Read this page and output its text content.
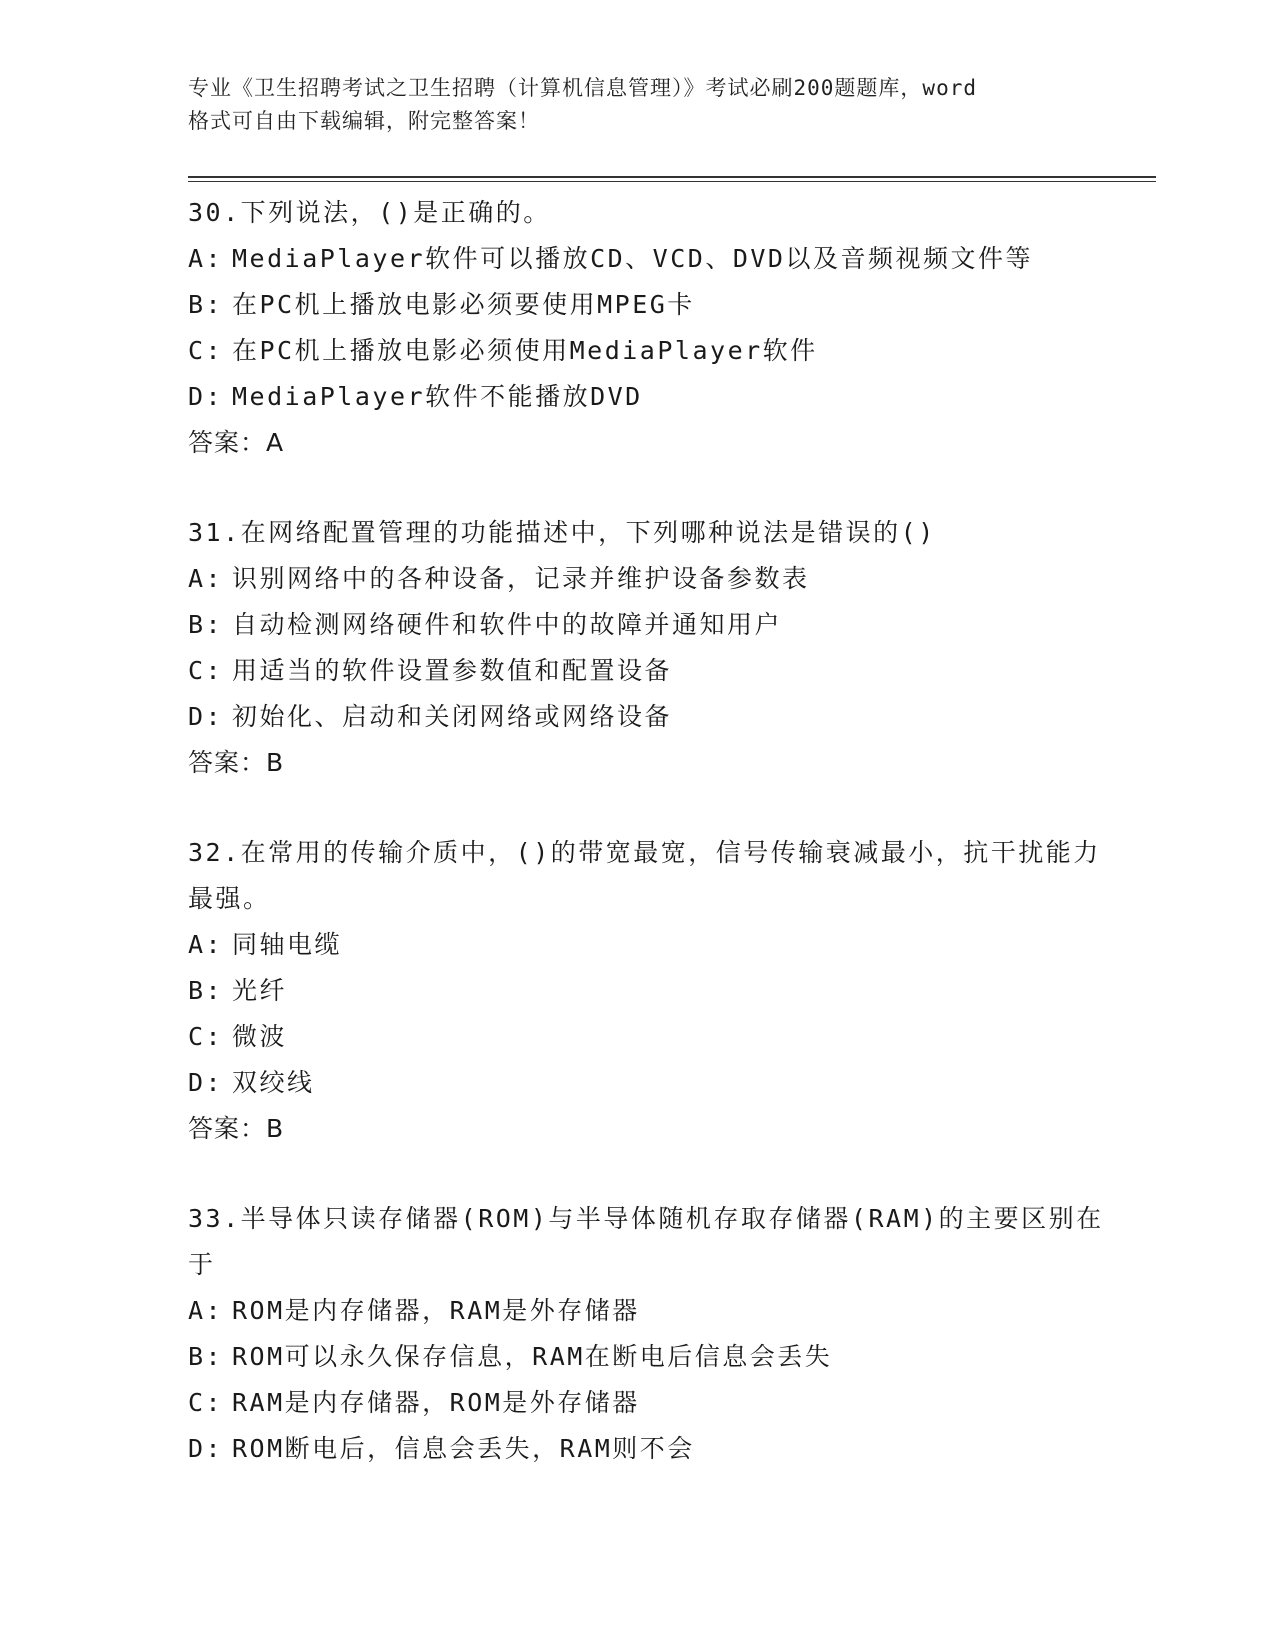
专业《卫生招聘考试之卫生招聘（计算机信息管理）》考试必刷200题题库，word
格式可自由下载编辑，附完整答案！

30.下列说法，()是正确的。

A: MediaPlayer软件可以播放CD、VCD、DVD以及音频视频文件等

B: 在PC机上播放电影必须要使用MPEG卡

C: 在PC机上播放电影必须使用MediaPlayer软件

D: MediaPlayer软件不能播放DVD

答案：A

31.在网络配置管理的功能描述中，下列哪种说法是错误的()

A: 识别网络中的各种设备，记录并维护设备参数表

B: 自动检测网络硬件和软件中的故障并通知用户

C: 用适当的软件设置参数值和配置设备

D: 初始化、启动和关闭网络或网络设备

答案：B

32.在常用的传输介质中，()的带宽最宽，信号传输衰减最小，抗干扰能力最强。

A: 同轴电缆

B: 光纤

C: 微波

D: 双绞线

答案：B

33.半导体只读存储器(ROM)与半导体随机存取存储器(RAM)的主要区别在于

A: ROM是内存储器，RAM是外存储器

B: ROM可以永久保存信息，RAM在断电后信息会丢失

C: RAM是内存储器，ROM是外存储器

D: ROM断电后，信息会丢失，RAM则不会
